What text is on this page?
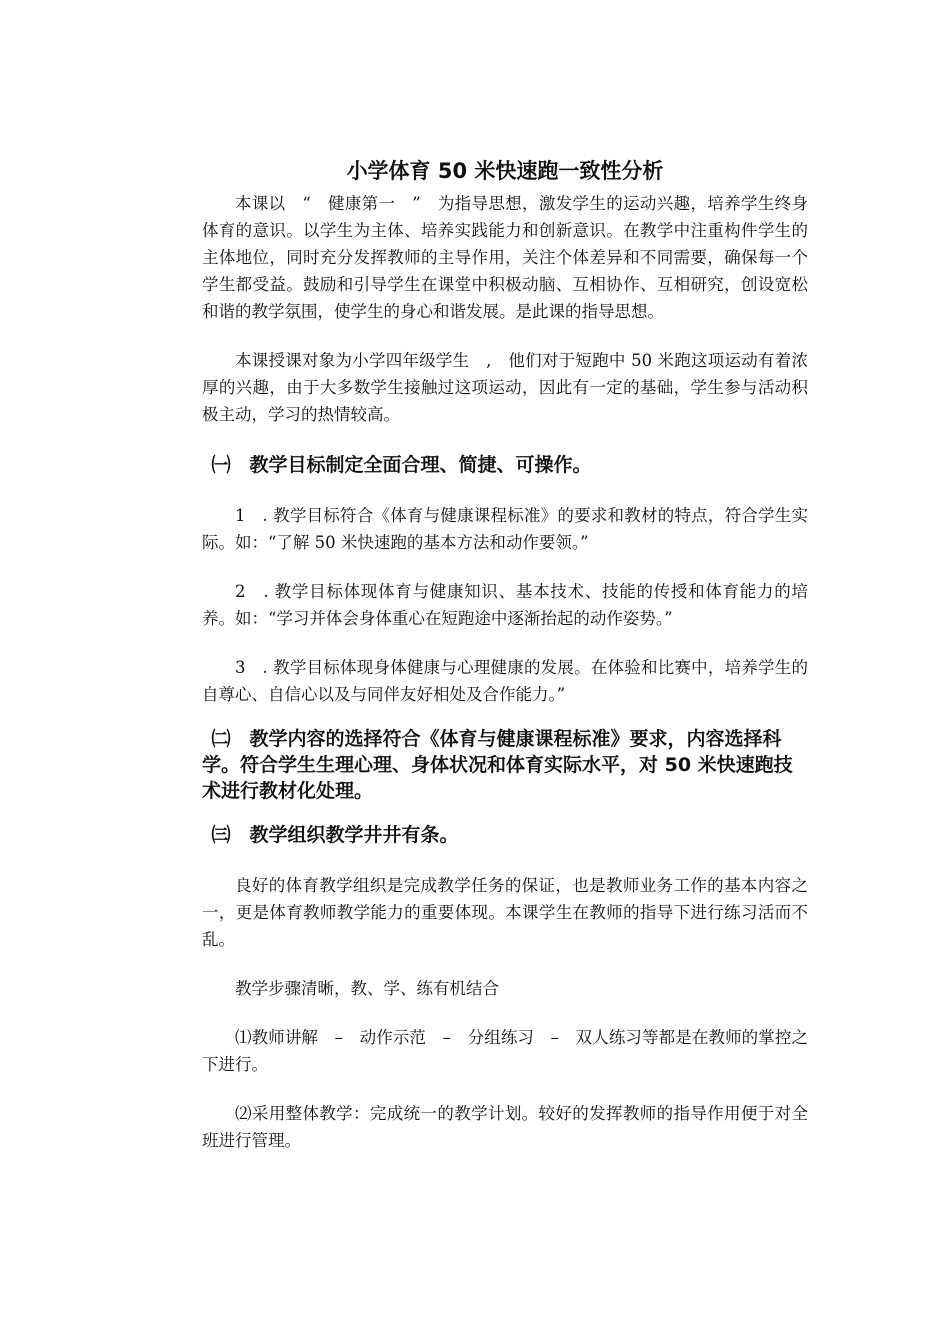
小学体育 50 米快速跑一致性分析

本课以　“　健康第一　”　为指导思想，激发学生的运动兴趣，培养学生终身体育的意识。以学生为主体、培养实践能力和创新意识。在教学中注重构件学生的主体地位，同时充分发挥教师的主导作用，关注个体差异和不同需要，确保每一个学生都受益。鼓励和引导学生在课堂中积极动脑、互相协作、互相研究，创设宽松和谐的教学氛围，使学生的身心和谐发展。是此课的指导思想。

本课授课对象为小学四年级学生　,　他们对于短跑中 50 米跑这项运动有着浓厚的兴趣，由于大多数学生接触过这项运动，因此有一定的基础，学生参与活动积极主动，学习的热情较高。

㈠　教学目标制定全面合理、简捷、可操作。

1　. 教学目标符合《体育与健康课程标准》的要求和教材的特点，符合学生实际。如：“了解 50 米快速跑的基本方法和动作要领。”

2　. 教学目标体现体育与健康知识、基本技术、技能的传授和体育能力的培养。如：“学习并体会身体重心在短跑途中逐渐抬起的动作姿势。”

3　. 教学目标体现身体健康与心理健康的发展。在体验和比赛中，培养学生的自尊心、自信心以及与同伴友好相处及合作能力。”

㈡　教学内容的选择符合《体育与健康课程标准》要求，内容选择科学。符合学生生理心理、身体状况和体育实际水平，对 50 米快速跑技术进行教材化处理。
㈢　教学组织教学井井有条。

良好的体育教学组织是完成教学任务的保证，也是教师业务工作的基本内容之一，更是体育教师教学能力的重要体现。本课学生在教师的指导下进行练习活而不乱。

教学步骤清晰，教、学、练有机结合

⑴教师讲解　–　动作示范　–　分组练习　–　双人练习等都是在教师的掌控之下进行。

⑵采用整体教学：完成统一的教学计划。较好的发挥教师的指导作用便于对全班进行管理。
